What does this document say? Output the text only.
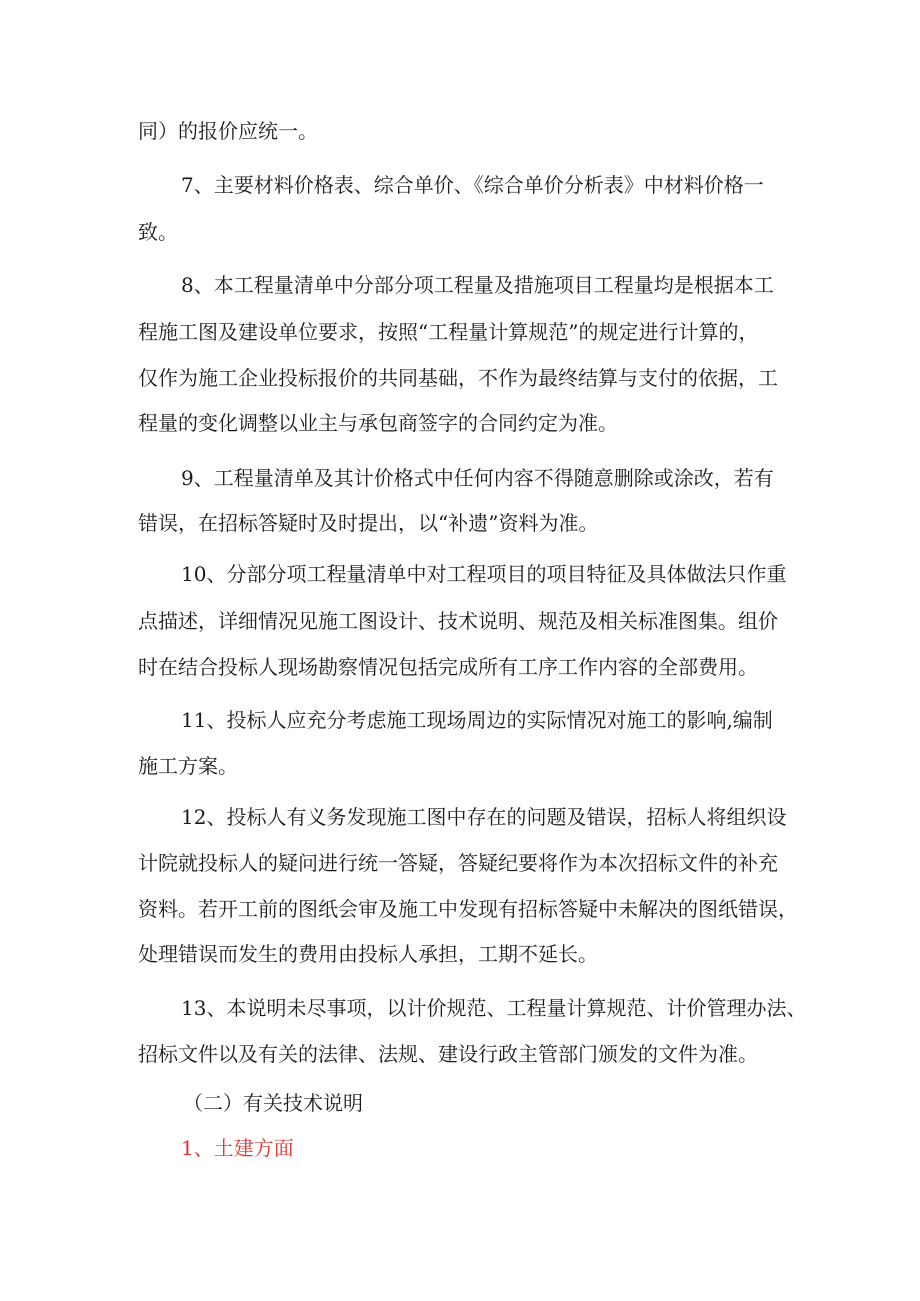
同）的报价应统一。

7、主要材料价格表、综合单价、《综合单价分析表》中材料价格一

致。

8、本工程量清单中分部分项工程量及措施项目工程量均是根据本工

程施工图及建设单位要求，按照“工程量计算规范”的规定进行计算的，

仅作为施工企业投标报价的共同基础，不作为最终结算与支付的依据，工

程量的变化调整以业主与承包商签字的合同约定为准。

9、工程量清单及其计价格式中任何内容不得随意删除或涂改，若有

错误，在招标答疑时及时提出，以“补遗”资料为准。

10、分部分项工程量清单中对工程项目的项目特征及具体做法只作重

点描述，详细情况见施工图设计、技术说明、规范及相关标准图集。组价

时在结合投标人现场勘察情况包括完成所有工序工作内容的全部费用。

11、投标人应充分考虑施工现场周边的实际情况对施工的影响,编制

施工方案。

12、投标人有义务发现施工图中存在的问题及错误，招标人将组织设

计院就投标人的疑问进行统一答疑，答疑纪要将作为本次招标文件的补充

资料。若开工前的图纸会审及施工中发现有招标答疑中未解决的图纸错误，

处理错误而发生的费用由投标人承担，工期不延长。

13、本说明未尽事项，以计价规范、工程量计算规范、计价管理办法、

招标文件以及有关的法律、法规、建设行政主管部门颁发的文件为准。

（二）有关技术说明

1、土建方面
